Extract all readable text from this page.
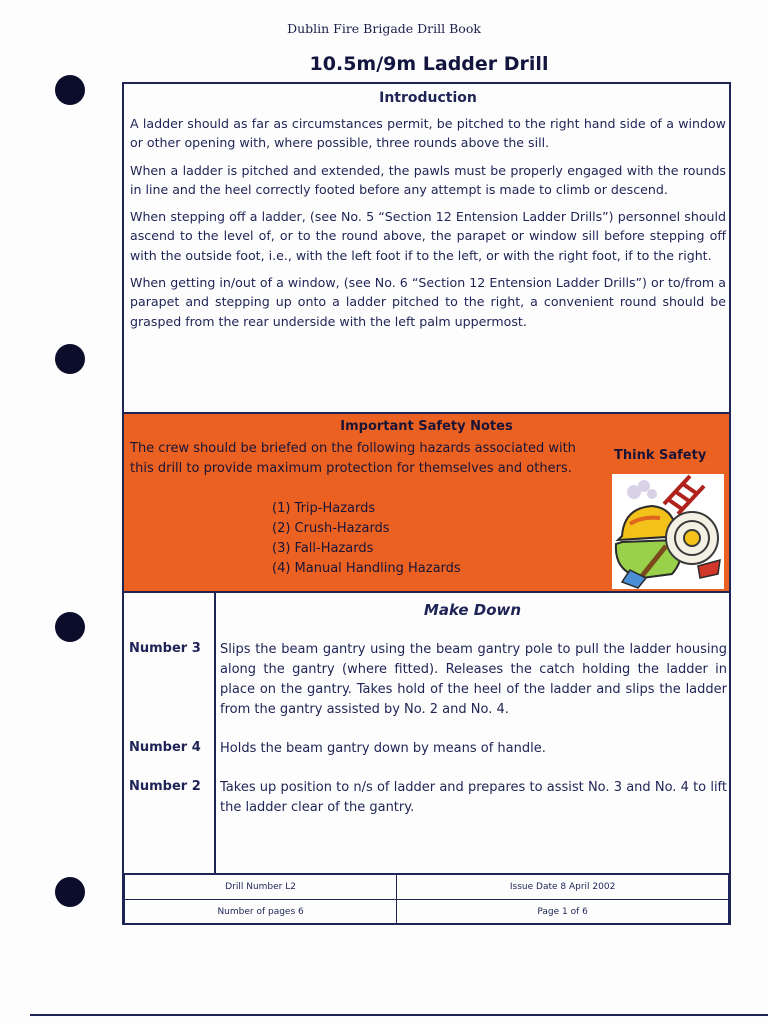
Dublin Fire Brigade Drill Book
10.5m/9m Ladder Drill
Introduction

A ladder should as far as circumstances permit, be pitched to the right hand side of a window or other opening with, where possible, three rounds above the sill.

When a ladder is pitched and extended, the pawls must be properly engaged with the rounds in line and the heel correctly footed before any attempt is made to climb or descend.

When stepping off a ladder, (see No. 5 “Section 12 Entension Ladder Drills”) personnel should ascend to the level of, or to the round above, the parapet or window sill before stepping off with the outside foot, i.e., with the left foot if to the left, or with the right foot, if to the right.

When getting in/out of a window, (see No. 6 “Section 12 Entension Ladder Drills”) or to/from a parapet and stepping up onto a ladder pitched to the right, a convenient round should be grasped from the rear underside with the left palm uppermost.

Important Safety Notes
The crew should be briefed on the following hazards associated with this drill to provide maximum protection for themselves and others.
(1) Trip-Hazards
(2) Crush-Hazards
(3) Fall-Hazards
(4) Manual Handling Hazards
Think Safety
Make Down
Number 3 Slips the beam gantry using the beam gantry pole to pull the ladder housing along the gantry (where fitted). Releases the catch holding the ladder in place on the gantry. Takes hold of the heel of the ladder and slips the ladder from the gantry assisted by No. 2 and No. 4.
Number 4 Holds the beam gantry down by means of handle.
Number 2 Takes up position to n/s of ladder and prepares to assist No. 3 and No. 4 to lift the ladder clear of the gantry.
Drill Number L2	Issue Date 8 April 2002
Number of pages 6	Page 1 of 6
